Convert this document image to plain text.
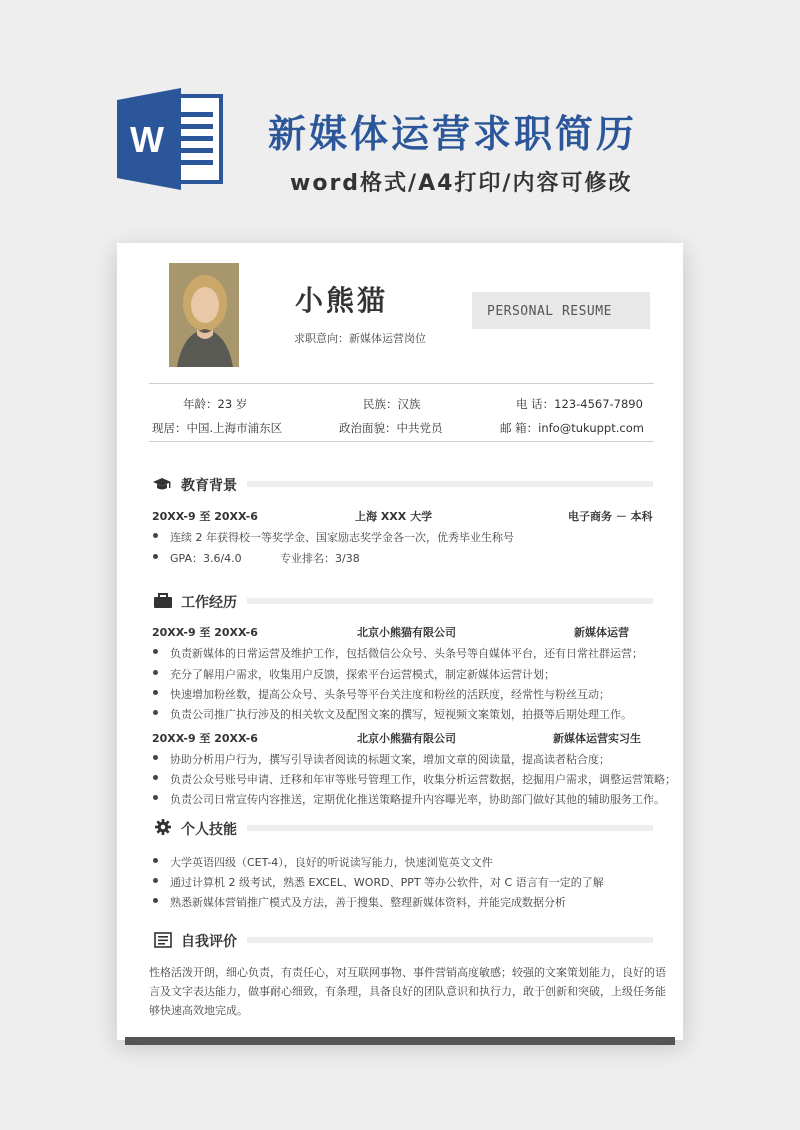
W	新媒体运营求职简历
word格式/A4打印/内容可修改
小熊猫
求职意向：新媒体运营岗位
PERSONAL RESUME
年龄：23 岁	民族：汉族	电 话：123-4567-7890
现居：中国.上海市浦东区	政治面貌：中共党员	邮 箱：info@tukuppt.com
教育背景
20XX-9 至 20XX-6	上海 XXX 大学	电子商务 － 本科
连续 2 年获得校一等奖学金、国家励志奖学金各一次，优秀毕业生称号
GPA：3.6/4.0	专业排名：3/38
工作经历
20XX-9 至 20XX-6	北京小熊猫有限公司	新媒体运营
负责新媒体的日常运营及维护工作，包括微信公众号、头条号等自媒体平台，还有日常社群运营；
充分了解用户需求，收集用户反馈，探索平台运营模式，制定新媒体运营计划；
快速增加粉丝数，提高公众号、头条号等平台关注度和粉丝的活跃度，经常性与粉丝互动；
负责公司推广执行涉及的相关软文及配图文案的撰写，短视频文案策划，拍摄等后期处理工作。
20XX-9 至 20XX-6	北京小熊猫有限公司	新媒体运营实习生
协助分析用户行为，撰写引导读者阅读的标题文案，增加文章的阅读量，提高读者粘合度；
负责公众号账号申请、迁移和年审等账号管理工作，收集分析运营数据，挖掘用户需求，调整运营策略；
负责公司日常宣传内容推送，定期优化推送策略提升内容曝光率，协助部门做好其他的辅助服务工作。
个人技能
大学英语四级（CET-4），良好的听说读写能力，快速浏览英文文件
通过计算机 2 级考试，熟悉 EXCEL、WORD、PPT 等办公软件，对 C 语言有一定的了解
熟悉新媒体营销推广模式及方法，善于搜集、整理新媒体资料，并能完成数据分析
自我评价
性格活泼开朗，细心负责，有责任心，对互联网事物、事件营销高度敏感；较强的文案策划能力，良好的语
言及文字表达能力，做事耐心细致，有条理，具备良好的团队意识和执行力，敢于创新和突破，上级任务能
够快速高效地完成。
